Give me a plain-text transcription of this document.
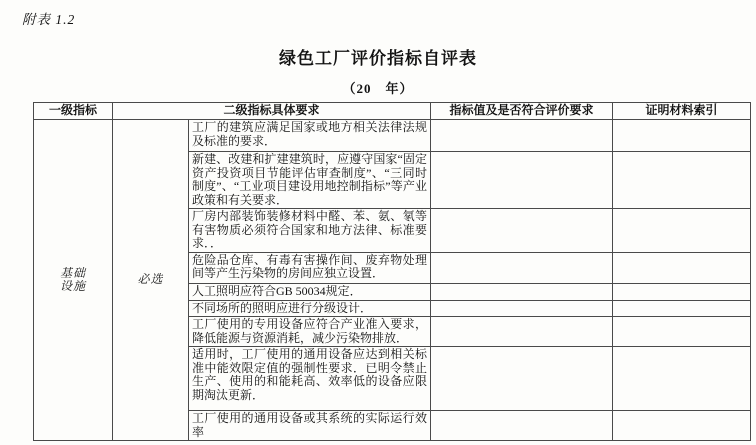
附表 1.2
绿色工厂评价指标自评表
（20　年）
一级指标	二级指标具体要求		指标值及是否符合评价要求	证明材料索引

基础
设施	必选	工厂的建筑应满足国家或地方相关法律法规及标准的要求．		
		新建、改建和扩建建筑时，应遵守国家“固定资产投资项目节能评估审查制度”、“三同时制度”、“工业项目建设用地控制指标”等产业政策和有关要求．		
		厂房内部装饰装修材料中醛、苯、氨、氡等有害物质必须符合国家和地方法律、标准要求．．		
		危险品仓库、有毒有害操作间、废弃物处理间等产生污染物的房间应独立设置．		
		人工照明应符合GB 50034规定．		
		不同场所的照明应进行分级设计．		
		工厂使用的专用设备应符合产业准入要求，降低能源与资源消耗，减少污染物排放．		
		适用时，工厂使用的通用设备应达到相关标准中能效限定值的强制性要求．已明令禁止生产、使用的和能耗高、效率低的设备应限期淘汰更新．		
		工厂使用的通用设备或其系统的实际运行效率		
